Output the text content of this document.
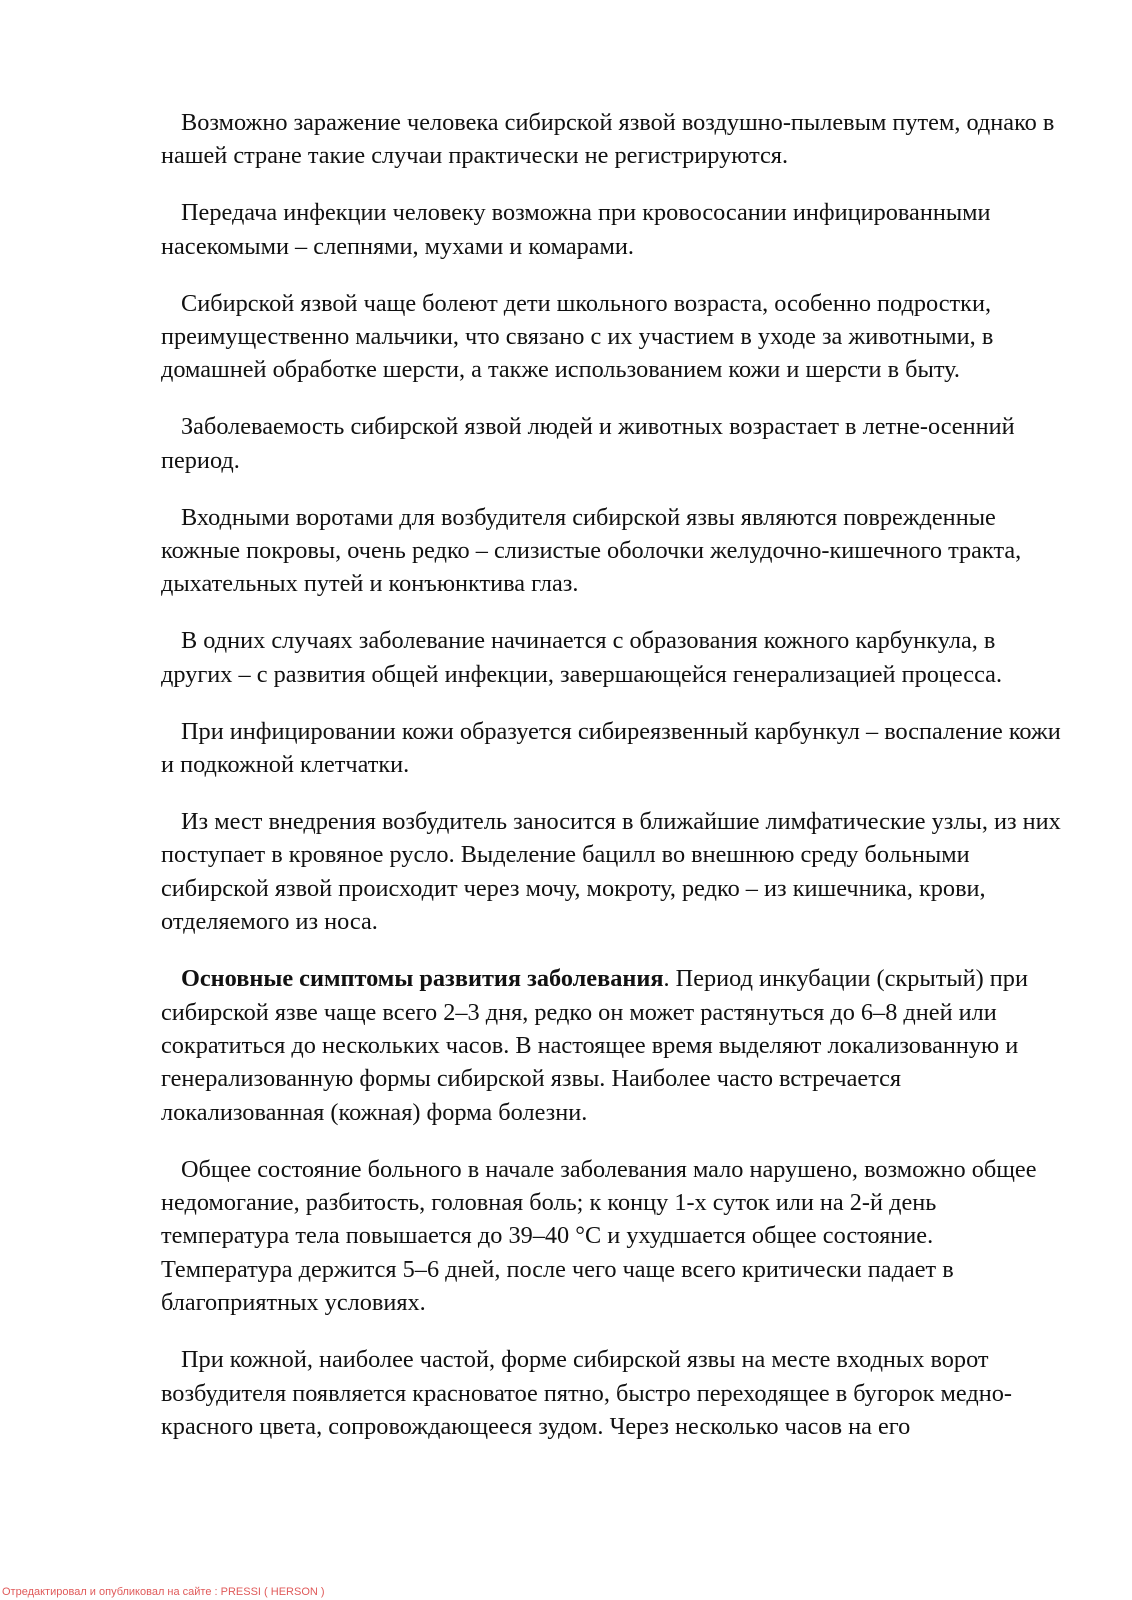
Возможно заражение человека сибирской язвой воздушно-пылевым путем, однако в нашей стране такие случаи практически не регистрируются.

Передача инфекции человеку возможна при кровососании инфицированными насекомыми – слепнями, мухами и комарами.

Сибирской язвой чаще болеют дети школьного возраста, особенно подростки, преимущественно мальчики, что связано с их участием в уходе за животными, в домашней обработке шерсти, а также использованием кожи и шерсти в быту.

Заболеваемость сибирской язвой людей и животных возрастает в летне-осенний период.

Входными воротами для возбудителя сибирской язвы являются поврежденные кожные покровы, очень редко – слизистые оболочки желудочно-кишечного тракта, дыхательных путей и конъюнктива глаз.

В одних случаях заболевание начинается с образования кожного карбункула, в других – с развития общей инфекции, завершающейся генерализацией процесса.

При инфицировании кожи образуется сибиреязвенный карбункул – воспаление кожи и подкожной клетчатки.

Из мест внедрения возбудитель заносится в ближайшие лимфатические узлы, из них поступает в кровяное русло. Выделение бацилл во внешнюю среду больными сибирской язвой происходит через мочу, мокроту, редко – из кишечника, крови, отделяемого из носа.

Основные симптомы развития заболевания. Период инкубации (скрытый) при сибирской язве чаще всего 2–3 дня, редко он может растянуться до 6–8 дней или сократиться до нескольких часов. В настоящее время выделяют локализованную и генерализованную формы сибирской язвы. Наиболее часто встречается локализованная (кожная) форма болезни.

Общее состояние больного в начале заболевания мало нарушено, возможно общее недомогание, разбитость, головная боль; к концу 1-х суток или на 2-й день температура тела повышается до 39–40 °C и ухудшается общее состояние. Температура держится 5–6 дней, после чего чаще всего критически падает в благоприятных условиях.

При кожной, наиболее частой, форме сибирской язвы на месте входных ворот возбудителя появляется красноватое пятно, быстро переходящее в бугорок медно-красного цвета, сопровождающееся зудом. Через несколько часов на его

Отредактировал и опубликовал на сайте : PRESSI ( HERSON )
